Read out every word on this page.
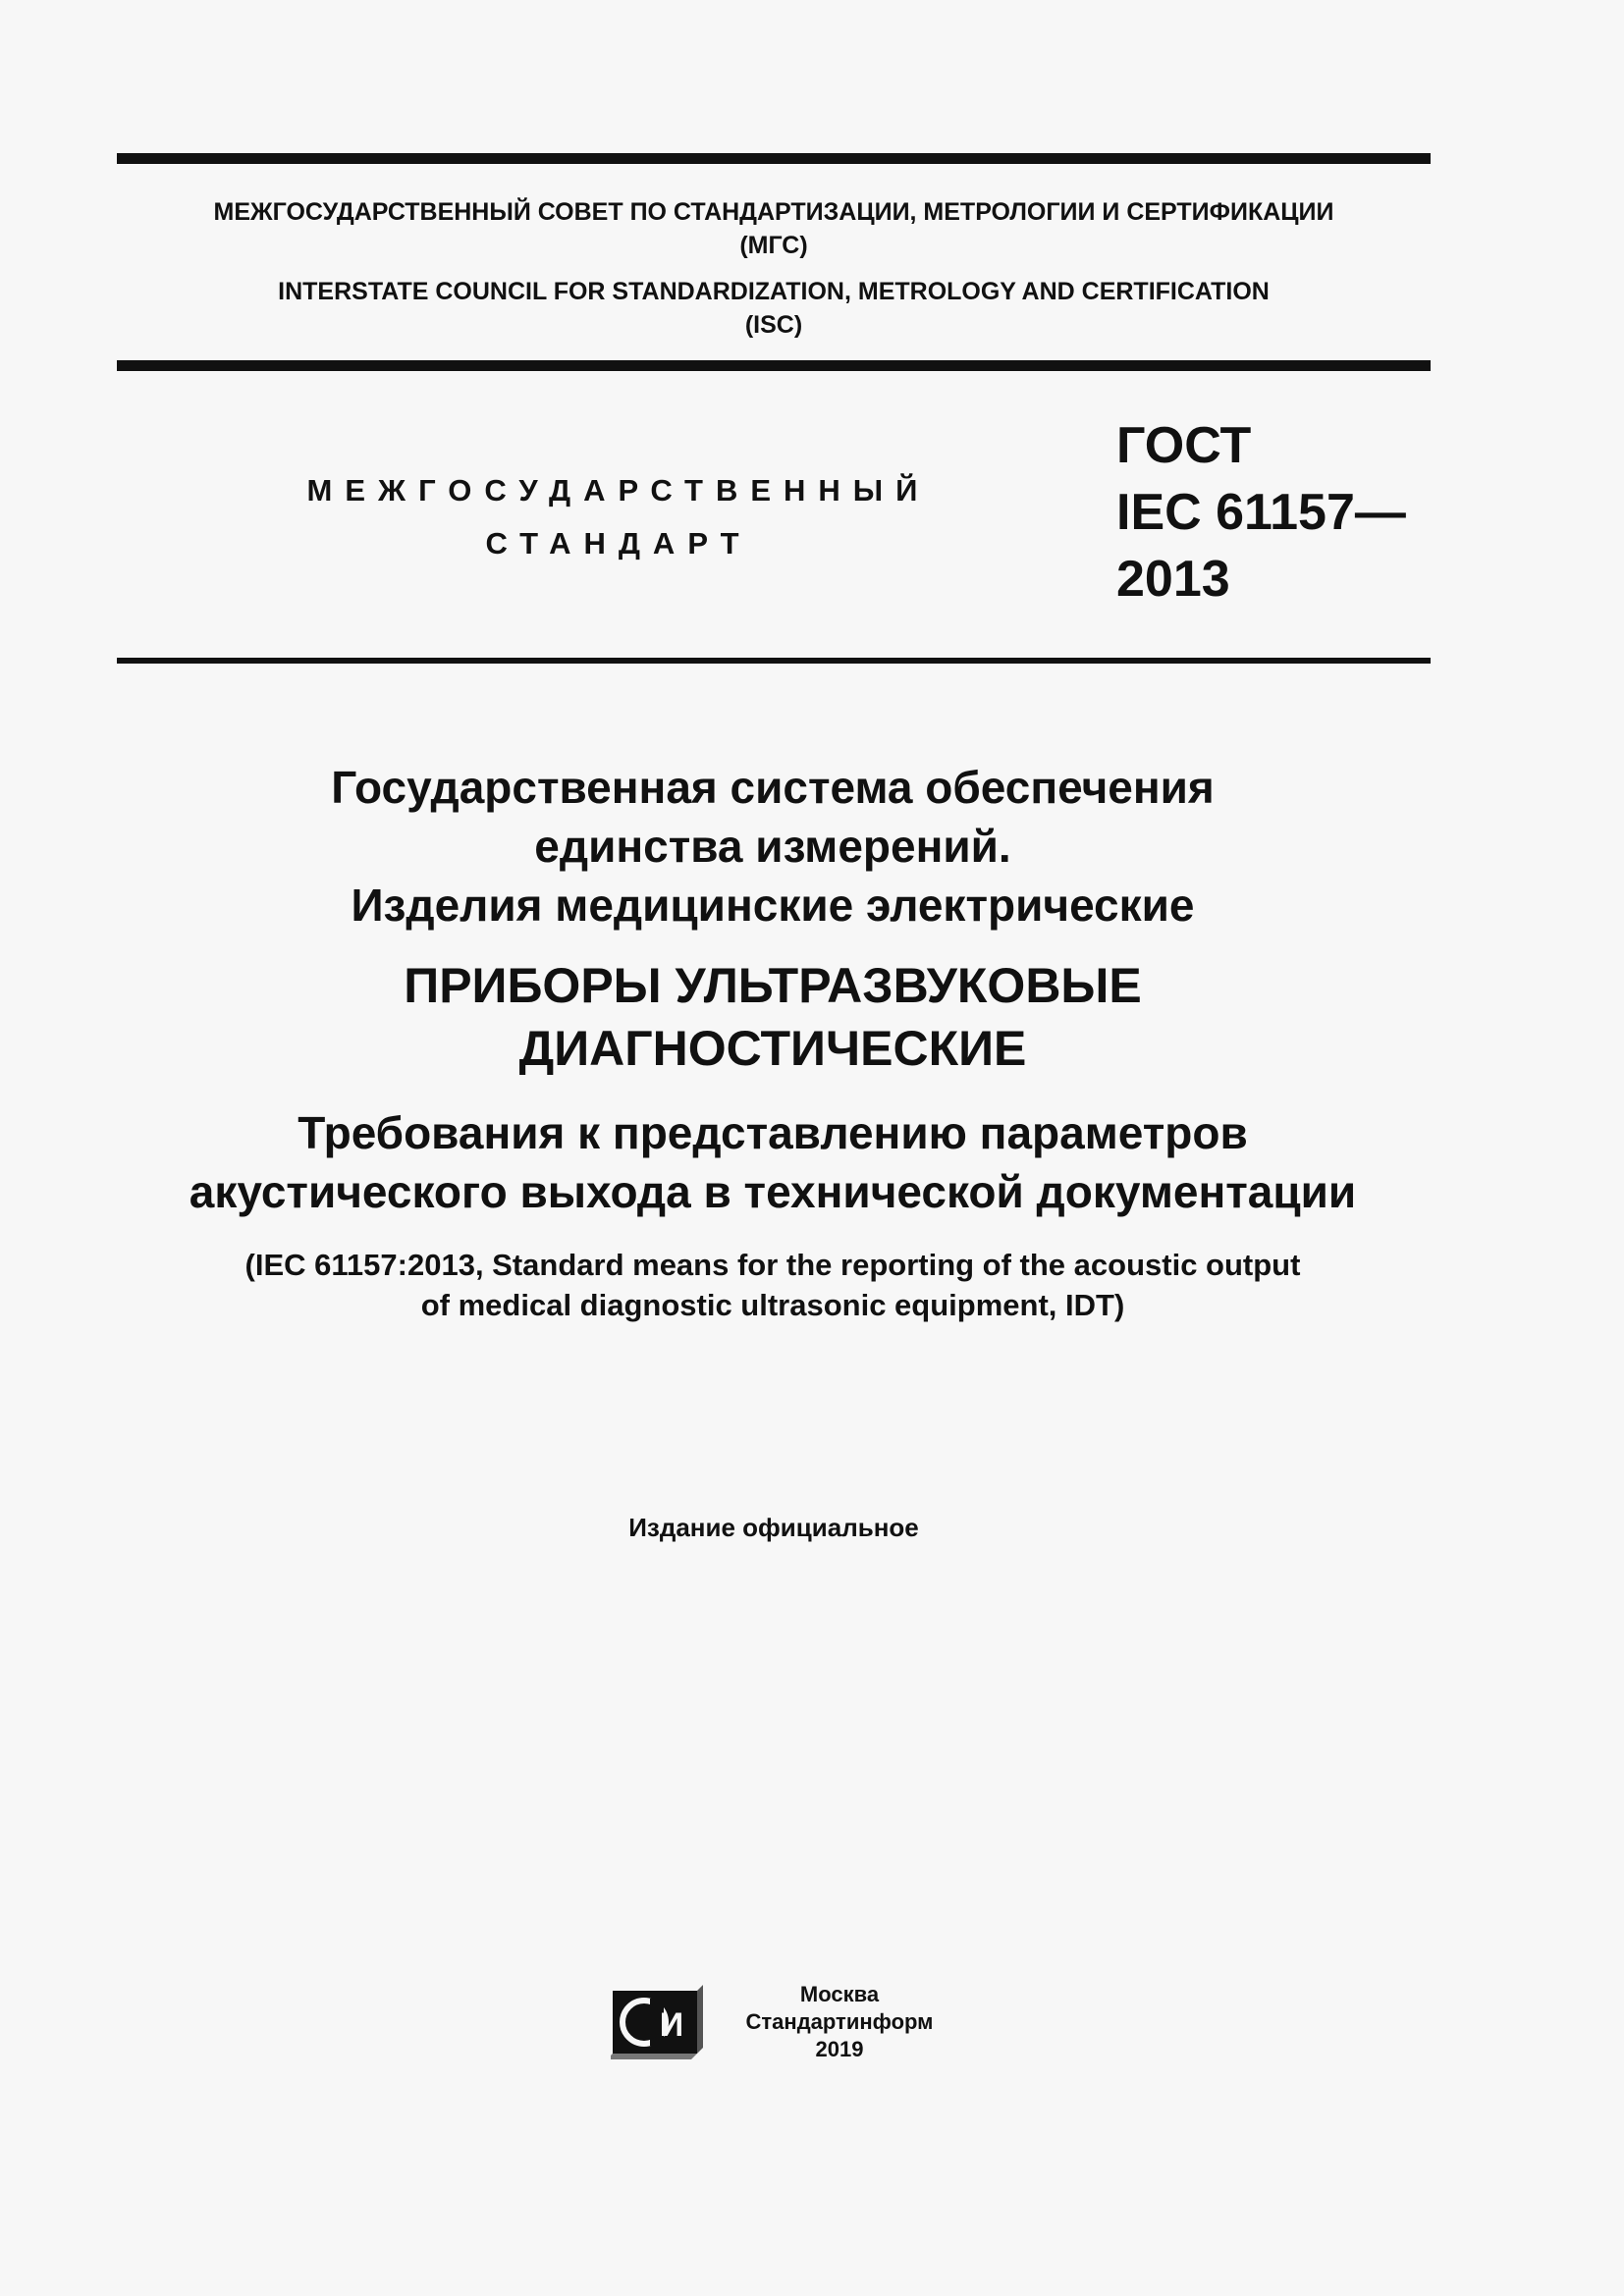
МЕЖГОСУДАРСТВЕННЫЙ СОВЕТ ПО СТАНДАРТИЗАЦИИ, МЕТРОЛОГИИ И СЕРТИФИКАЦИИ
(МГС)
INTERSTATE COUNCIL FOR STANDARDIZATION, METROLOGY AND CERTIFICATION
(ISC)
МЕЖГОСУДАРСТВЕННЫЙ
СТАНДАРТ
ГОСТ
IEC 61157—
2013
Государственная система обеспечения
единства измерений.
Изделия медицинские электрические
ПРИБОРЫ УЛЬТРАЗВУКОВЫЕ
ДИАГНОСТИЧЕСКИЕ
Требования к представлению параметров
акустического выхода в технической документации
(IEC 61157:2013, Standard means for the reporting of the acoustic output
of medical diagnostic ultrasonic equipment, IDT)
Издание официальное
И
Москва
Стандартинформ
2019
